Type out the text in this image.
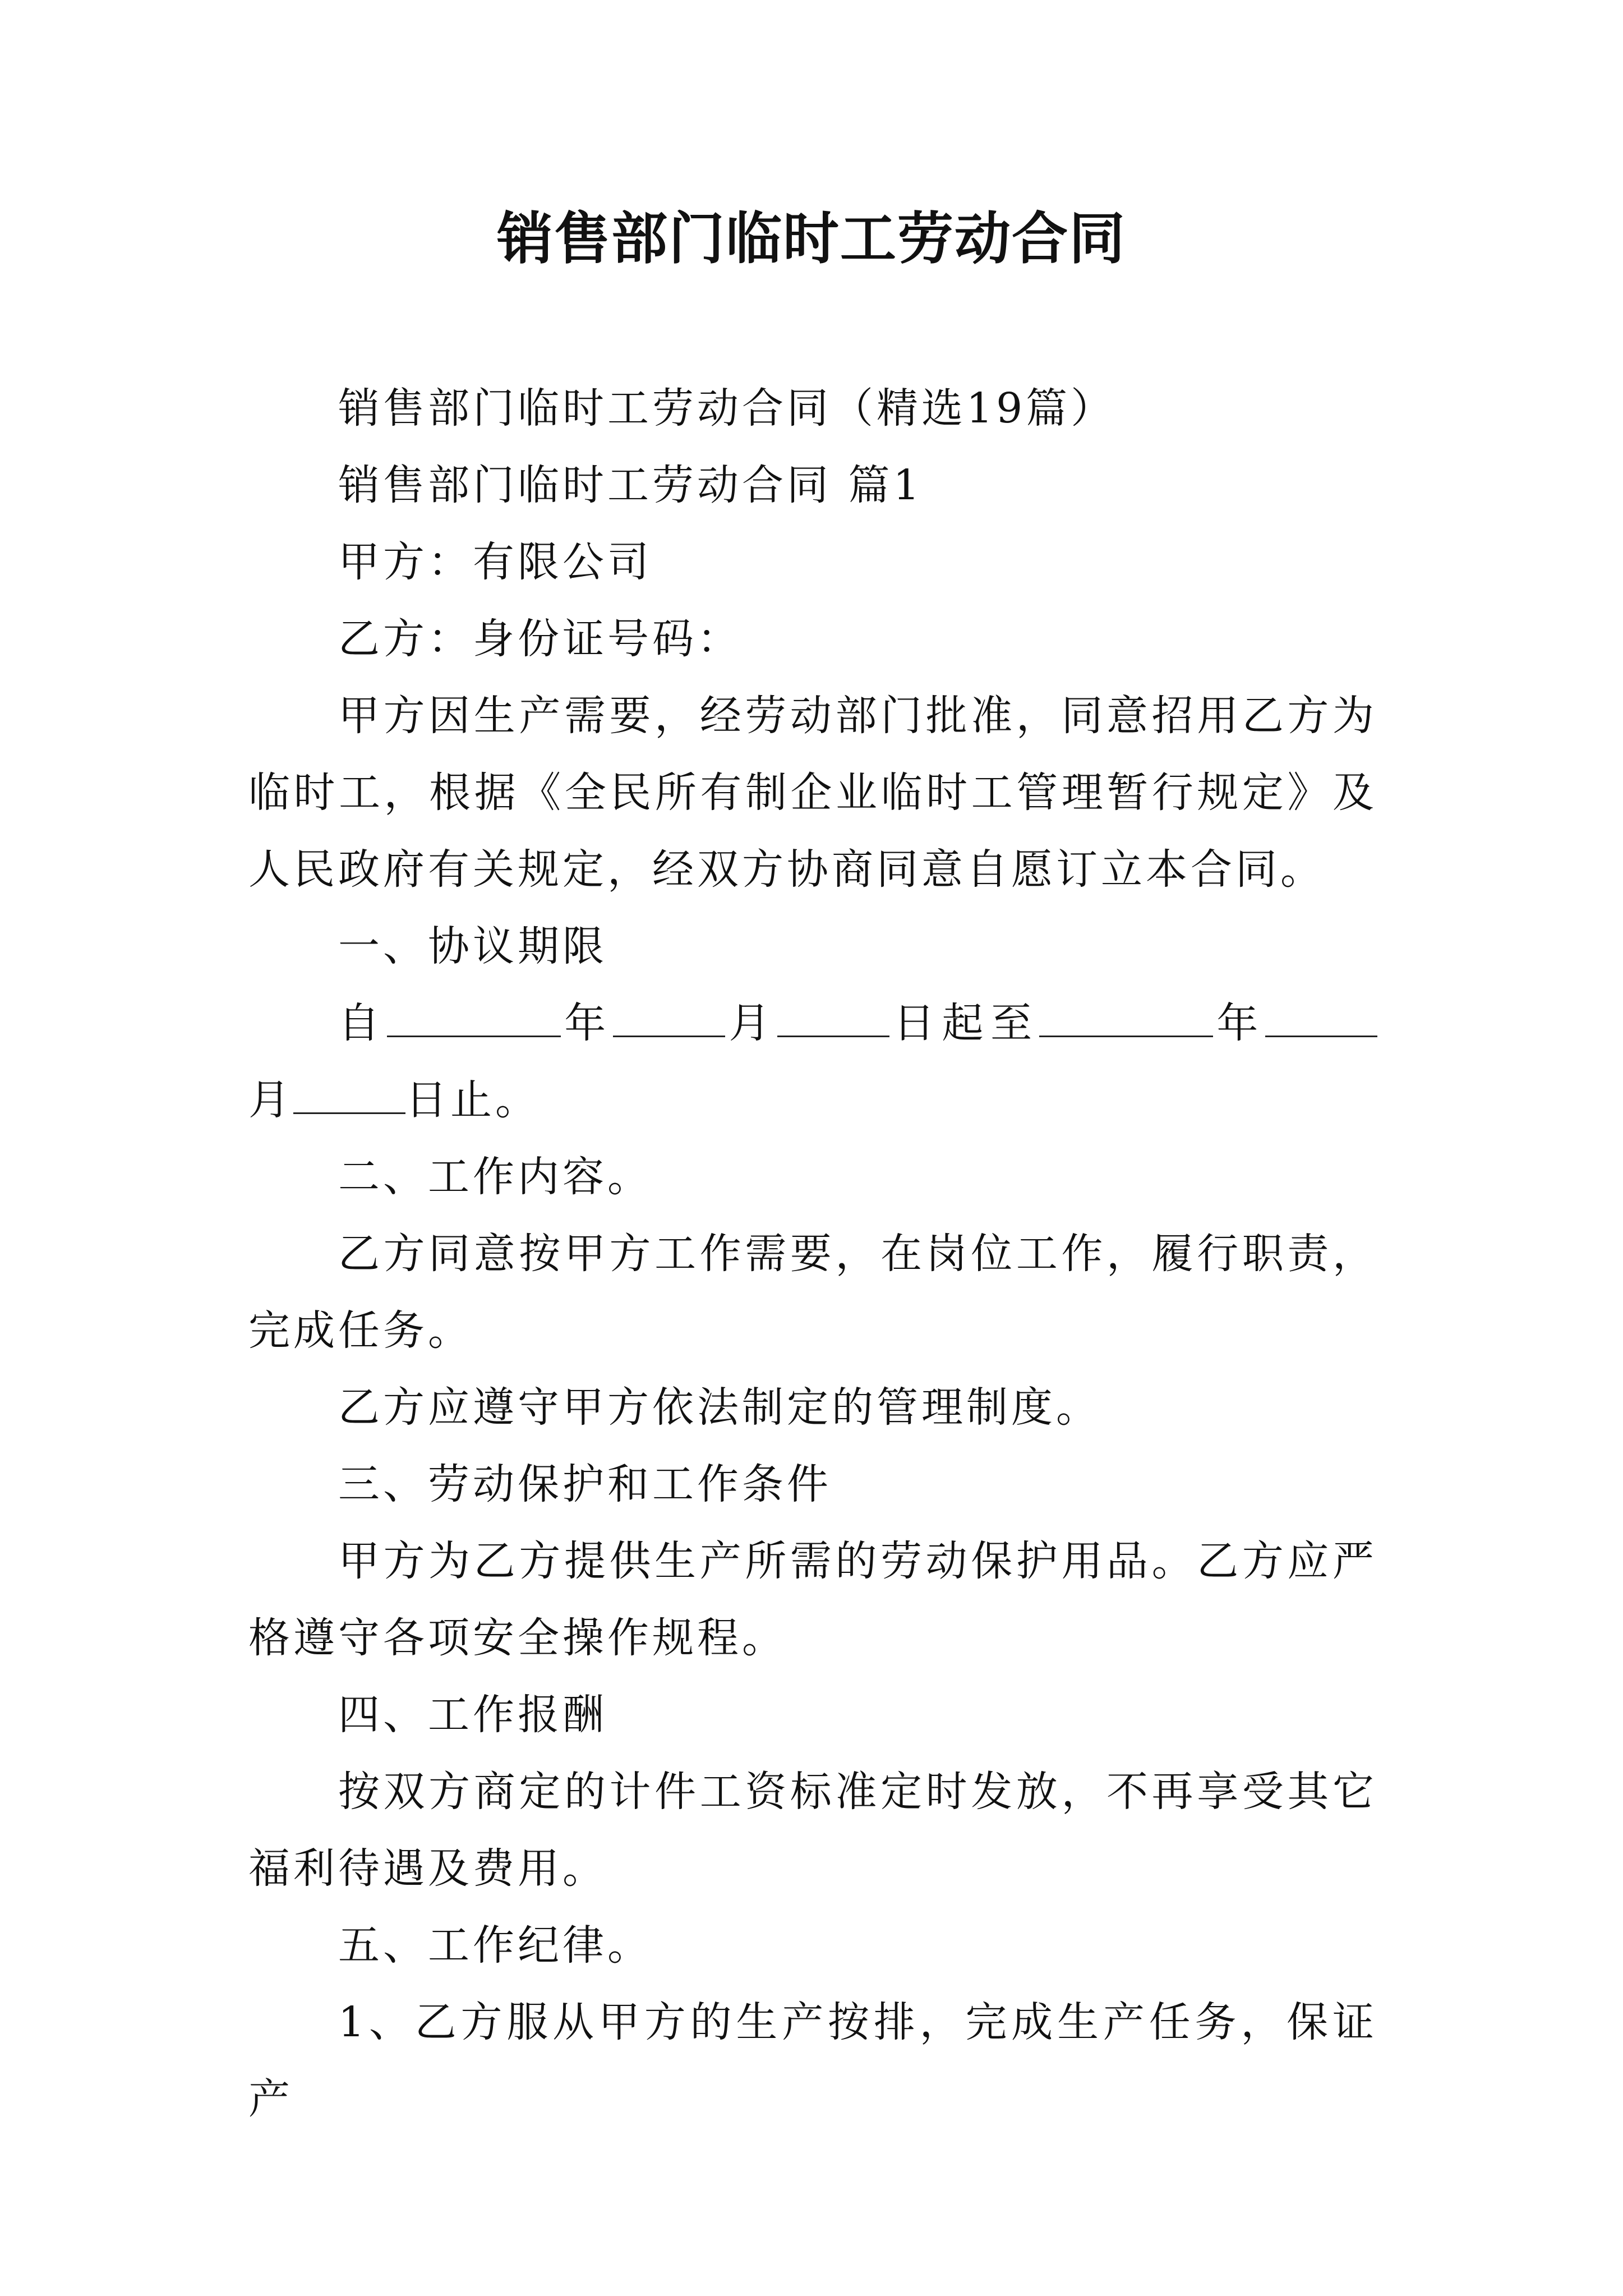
销售部门临时工劳动合同

销售部门临时工劳动合同（精选19篇）

销售部门临时工劳动合同 篇1

甲方：有限公司

乙方：身份证号码：

甲方因生产需要，经劳动部门批准，同意招用乙方为临时工，根据《全民所有制企业临时工管理暂行规定》及人民政府有关规定，经双方协商同意自愿订立本合同。

一、协议期限

自	年	月	日起至	年月	日止。

二、工作内容。

乙方同意按甲方工作需要，在岗位工作，履行职责，完成任务。

乙方应遵守甲方依法制定的管理制度。

三、劳动保护和工作条件

甲方为乙方提供生产所需的劳动保护用品。乙方应严格遵守各项安全操作规程。

四、工作报酬

按双方商定的计件工资标准定时发放，不再享受其它福利待遇及费用。

五、工作纪律。

1、乙方服从甲方的生产按排，完成生产任务，保证产
